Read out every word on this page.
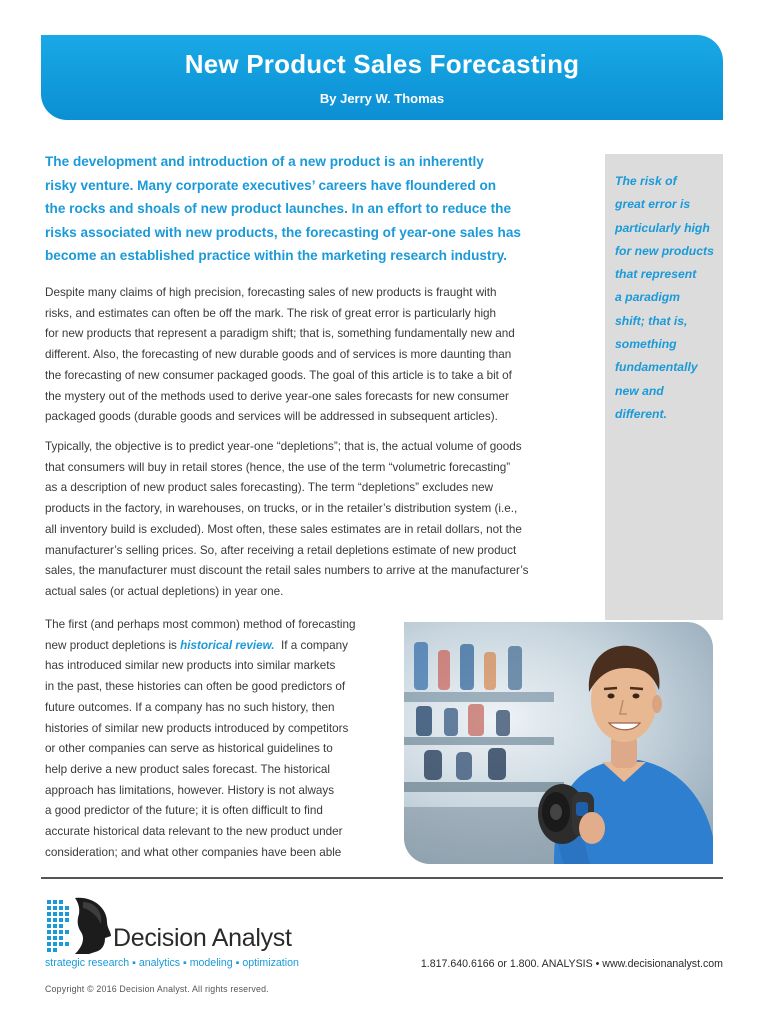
New Product Sales Forecasting
By Jerry W. Thomas
The development and introduction of a new product is an inherently
risky venture. Many corporate executives’ careers have floundered on
the rocks and shoals of new product launches. In an effort to reduce the
risks associated with new products, the forecasting of year-one sales has
become an established practice within the marketing research industry.
The risk of
great error is
particularly high
for new products
that represent
a paradigm
shift; that is,
something
fundamentally
new and
different.
Despite many claims of high precision, forecasting sales of new products is fraught with
risks, and estimates can often be off the mark. The risk of great error is particularly high
for new products that represent a paradigm shift; that is, something fundamentally new and
different. Also, the forecasting of new durable goods and of services is more daunting than
the forecasting of new consumer packaged goods. The goal of this article is to take a bit of
the mystery out of the methods used to derive year-one sales forecasts for new consumer
packaged goods (durable goods and services will be addressed in subsequent articles).
Typically, the objective is to predict year-one “depletions”; that is, the actual volume of goods
that consumers will buy in retail stores (hence, the use of the term “volumetric forecasting”
as a description of new product sales forecasting). The term “depletions” excludes new
products in the factory, in warehouses, on trucks, or in the retailer’s distribution system (i.e.,
all inventory build is excluded). Most often, these sales estimates are in retail dollars, not the
manufacturer’s selling prices. So, after receiving a retail depletions estimate of new product
sales, the manufacturer must discount the retail sales numbers to arrive at the manufacturer’s
actual sales (or actual depletions) in year one.
The first (and perhaps most common) method of forecasting
new product depletions is historical review.  If a company
has introduced similar new products into similar markets
in the past, these histories can often be good predictors of
future outcomes. If a company has no such history, then
histories of similar new products introduced by competitors
or other companies can serve as historical guidelines to
help derive a new product sales forecast. The historical
approach has limitations, however. History is not always
a good predictor of the future; it is often difficult to find
accurate historical data relevant to the new product under
consideration; and what other companies have been able
Decision Analyst
strategic research ▪ analytics ▪ modeling ▪ optimization	1.817.640.6166 or 1.800. ANALYSIS • www.decisionanalyst.com
Copyright © 2016 Decision Analyst. All rights reserved.
